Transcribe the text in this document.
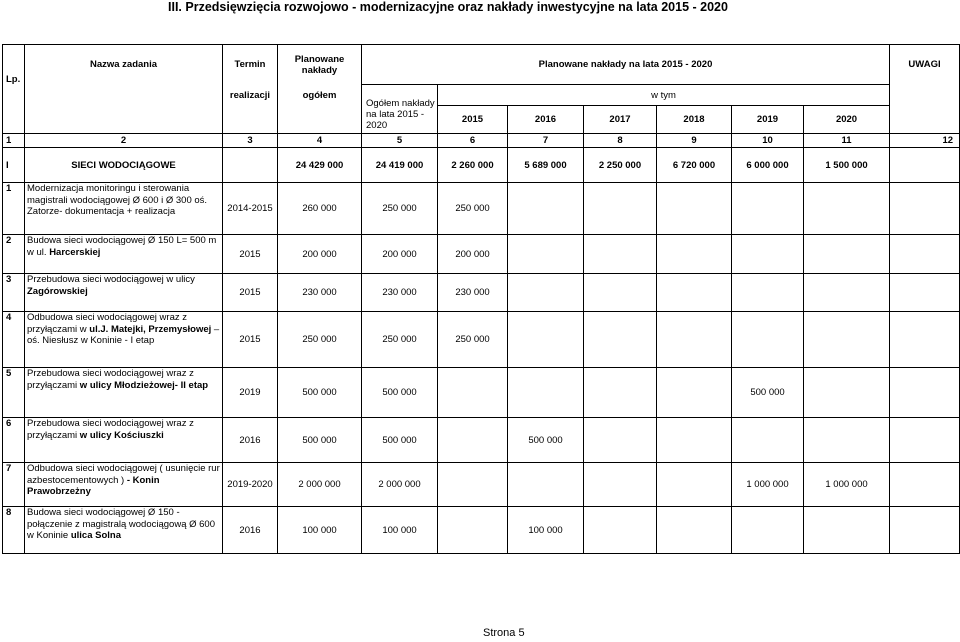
III. Przedsięwzięcia rozwojowo - modernizacyjne oraz nakłady inwestycyjne na lata 2015 - 2020
Lp.	Nazwa zadania	Termin	Planowane nakłady	Planowane nakłady na lata 2015 - 2020							UWAGI
		realizacji	ogółem	Ogółem nakłady na lata 2015 - 2020	w tym						
					2015	2016	2017	2018	2019	2020	
1	2	3	4	5	6	7	8	9	10	11	12
I	SIECI WODOCIĄGOWE		24 429 000	24 419 000	2 260 000	5 689 000	2 250 000	6 720 000	6 000 000	1 500 000	
1	Modernizacja monitoringu i sterowania magistrali wodociągowej Ø 600 i Ø 300 oś. Zatorze- dokumentacja + realizacja	2014-2015	260 000	250 000	250 000						
2	Budowa sieci wodociągowej Ø 150 L= 500 m w ul. Harcerskiej	2015	200 000	200 000	200 000						
3	Przebudowa sieci wodociągowej w ulicy Zagórowskiej	2015	230 000	230 000	230 000						
4	Odbudowa sieci wodociągowej wraz z przyłączami w ul.J. Matejki, Przemysłowej – oś. Niesłusz w Koninie - I etap	2015	250 000	250 000	250 000						
5	Przebudowa sieci wodociągowej wraz z przyłączami w ulicy Młodzieżowej- II etap	2019	500 000	500 000					500 000		
6	Przebudowa sieci wodociągowej wraz z przyłączami w ulicy Kościuszki	2016	500 000	500 000		500 000					
7	Odbudowa sieci wodociągowej ( usunięcie rur azbestocementowych ) - Konin Prawobrzeżny	2019-2020	2 000 000	2 000 000					1 000 000	1 000 000	
8	Budowa sieci wodociągowej Ø 150 - połączenie z magistralą wodociągową Ø 600 w Koninie ulica Solna	2016	100 000	100 000		100 000					
Strona 5
